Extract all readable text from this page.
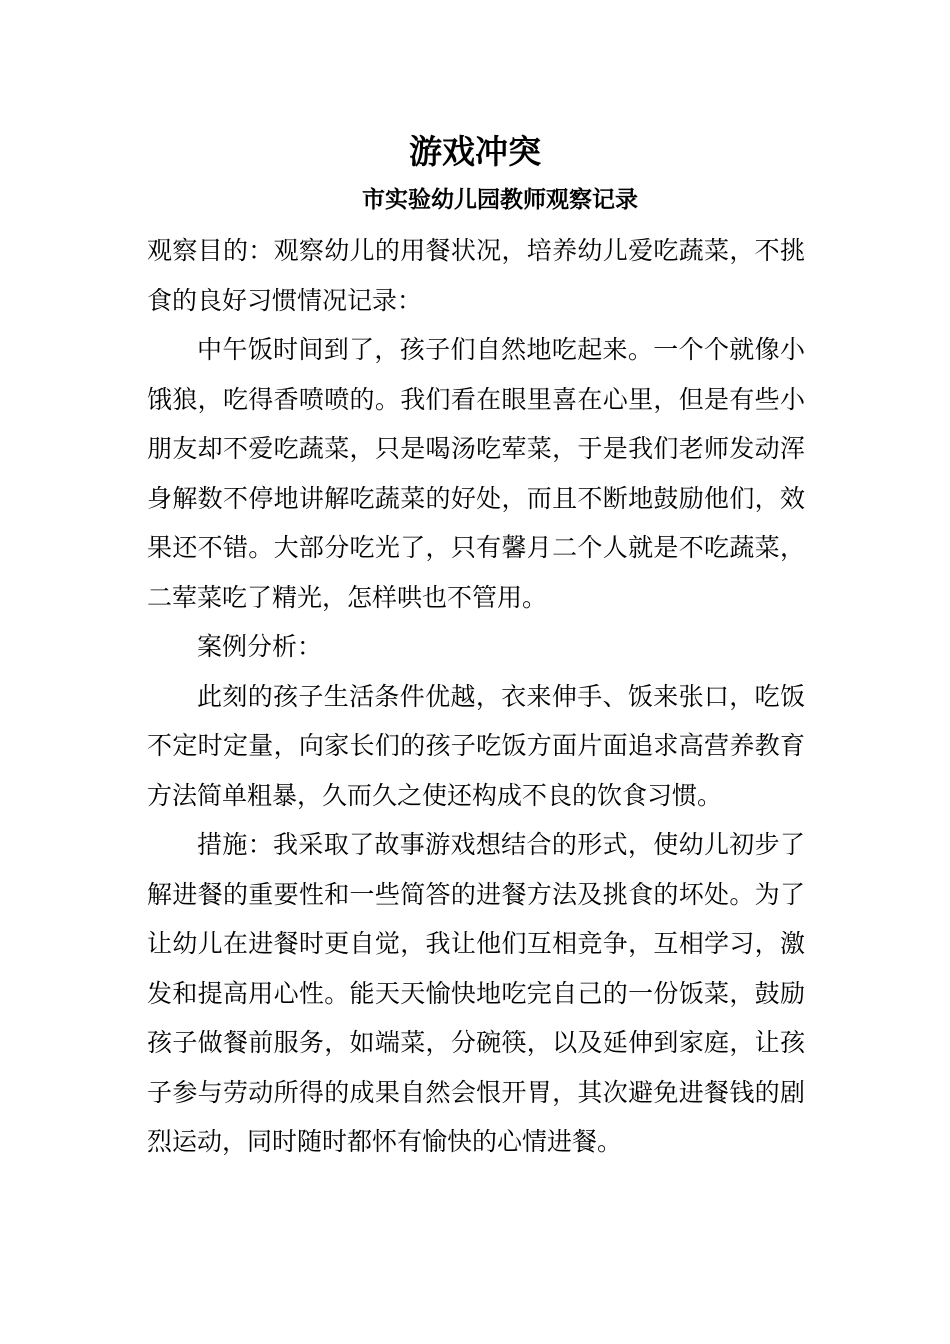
游戏冲突
市实验幼儿园教师观察记录

观察目的：观察幼儿的用餐状况，培养幼儿爱吃蔬菜，不挑食的良好习惯情况记录：

中午饭时间到了，孩子们自然地吃起来。一个个就像小饿狼，吃得香喷喷的。我们看在眼里喜在心里，但是有些小朋友却不爱吃蔬菜，只是喝汤吃荤菜，于是我们老师发动浑身解数不停地讲解吃蔬菜的好处，而且不断地鼓励他们，效果还不错。大部分吃光了，只有馨月二个人就是不吃蔬菜，二荤菜吃了精光，怎样哄也不管用。

案例分析：

此刻的孩子生活条件优越，衣来伸手、饭来张口，吃饭不定时定量，向家长们的孩子吃饭方面片面追求高营养教育方法简单粗暴，久而久之使还构成不良的饮食习惯。

措施：我采取了故事游戏想结合的形式，使幼儿初步了解进餐的重要性和一些简答的进餐方法及挑食的坏处。为了让幼儿在进餐时更自觉，我让他们互相竞争，互相学习，激发和提高用心性。能天天愉快地吃完自己的一份饭菜，鼓励孩子做餐前服务，如端菜，分碗筷，以及延伸到家庭，让孩子参与劳动所得的成果自然会恨开胃，其次避免进餐钱的剧烈运动，同时随时都怀有愉快的心情进餐。
